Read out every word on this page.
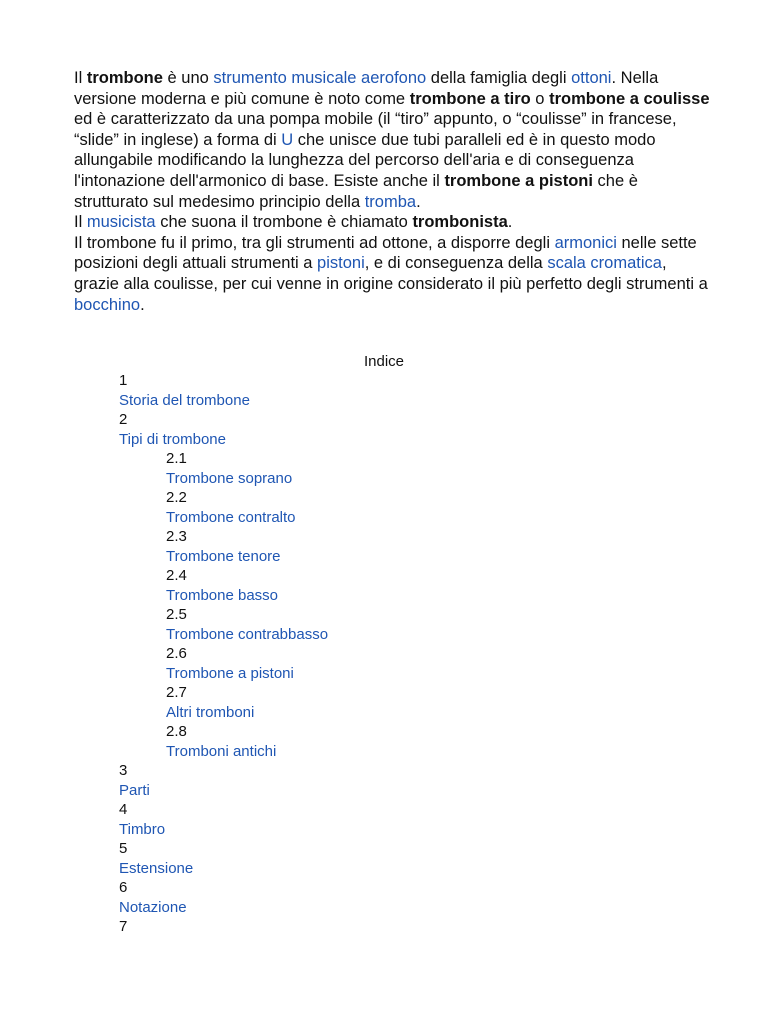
Il trombone è uno strumento musicale aerofono della famiglia degli ottoni. Nella versione moderna e più comune è noto come trombone a tiro o trombone a coulisse ed è caratterizzato da una pompa mobile (il “tiro” appunto, o “coulisse” in francese, “slide” in inglese) a forma di U che unisce due tubi paralleli ed è in questo modo allungabile modificando la lunghezza del percorso dell'aria e di conseguenza l'intonazione dell'armonico di base. Esiste anche il trombone a pistoni che è strutturato sul medesimo principio della tromba.

Il musicista che suona il trombone è chiamato trombonista.

Il trombone fu il primo, tra gli strumenti ad ottone, a disporre degli armonici nelle sette posizioni degli attuali strumenti a pistoni, e di conseguenza della scala cromatica, grazie alla coulisse, per cui venne in origine considerato il più perfetto degli strumenti a bocchino.

Indice
1
Storia del trombone
2
Tipi di trombone
2.1
Trombone soprano
2.2
Trombone contralto
2.3
Trombone tenore
2.4
Trombone basso
2.5
Trombone contrabbasso
2.6
Trombone a pistoni
2.7
Altri tromboni
2.8
Tromboni antichi
3
Parti
4
Timbro
5
Estensione
6
Notazione
7
